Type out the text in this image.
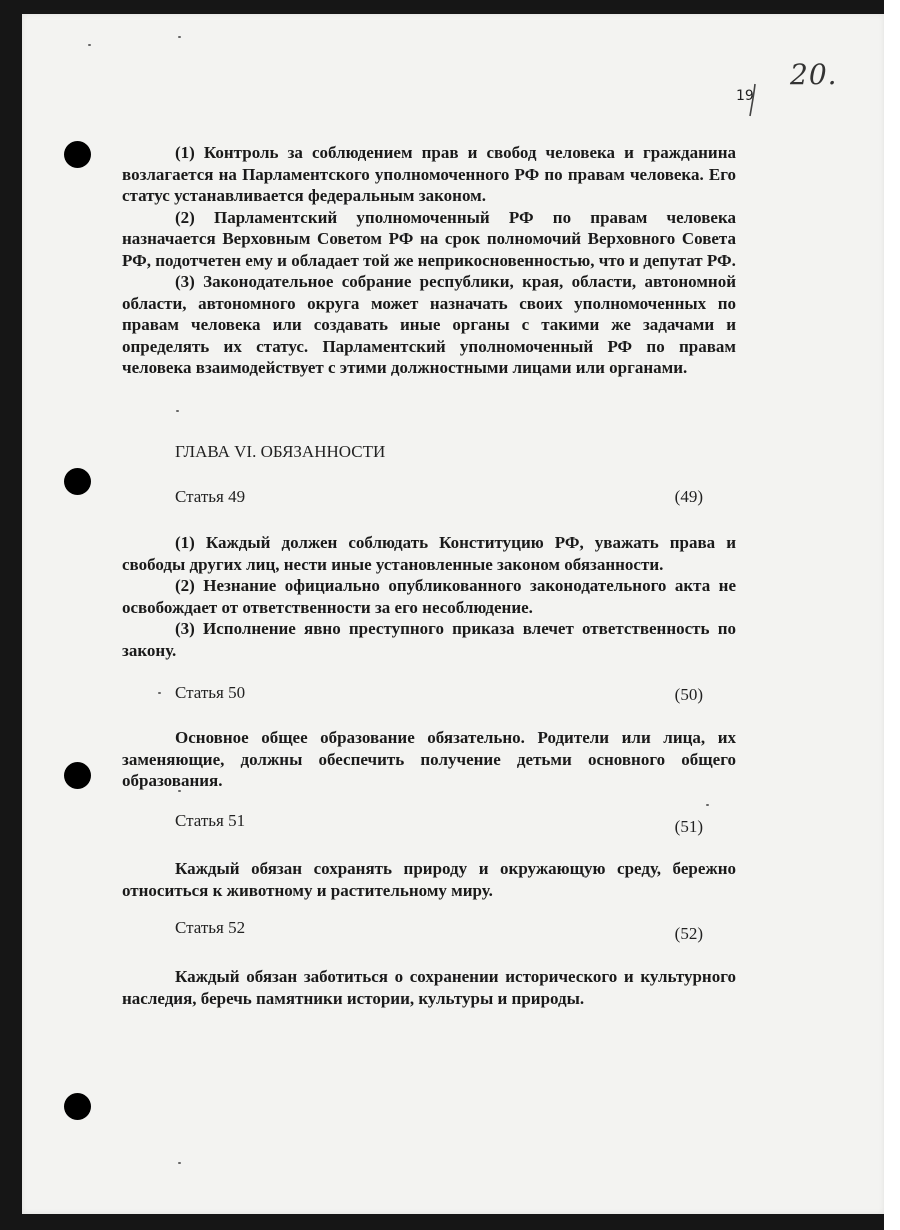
19
20.

(1) Контроль за соблюдением прав и свобод человека и гражданина возлагается на Парламентского уполномоченного РФ по правам человека. Его статус устанавливается федеральным законом.

(2) Парламентский уполномоченный РФ по правам человека назначается Верховным Советом РФ на срок полномочий Верховного Совета РФ, подотчетен ему и обладает той же неприкосновенностью, что и депутат РФ.

(3) Законодательное собрание республики, края, области, автономной области, автономного округа может назначать своих уполномоченных по правам человека или создавать иные органы с такими же задачами и определять их статус. Парламентский уполномоченный РФ по правам человека взаимодействует с этими должностными лицами или органами.

ГЛАВА VI. ОБЯЗАННОСТИ
Статья 49	(49)

(1) Каждый должен соблюдать Конституцию РФ, уважать права и свободы других лиц, нести иные установленные законом обязанности.

(2) Незнание официально опубликованного законодательного акта не освобождает от ответственности за его несоблюдение.

(3) Исполнение явно преступного приказа влечет ответственность по закону.

Статья 50	(50)

Основное общее образование обязательно. Родители или лица, их заменяющие, должны обеспечить получение детьми основного общего образования.

Статья 51	(51)

Каждый обязан сохранять природу и окружающую среду, бережно относиться к животному и растительному миру.

Статья 52	(52)

Каждый обязан заботиться о сохранении исторического и культурного наследия, беречь памятники истории, культуры и природы.
